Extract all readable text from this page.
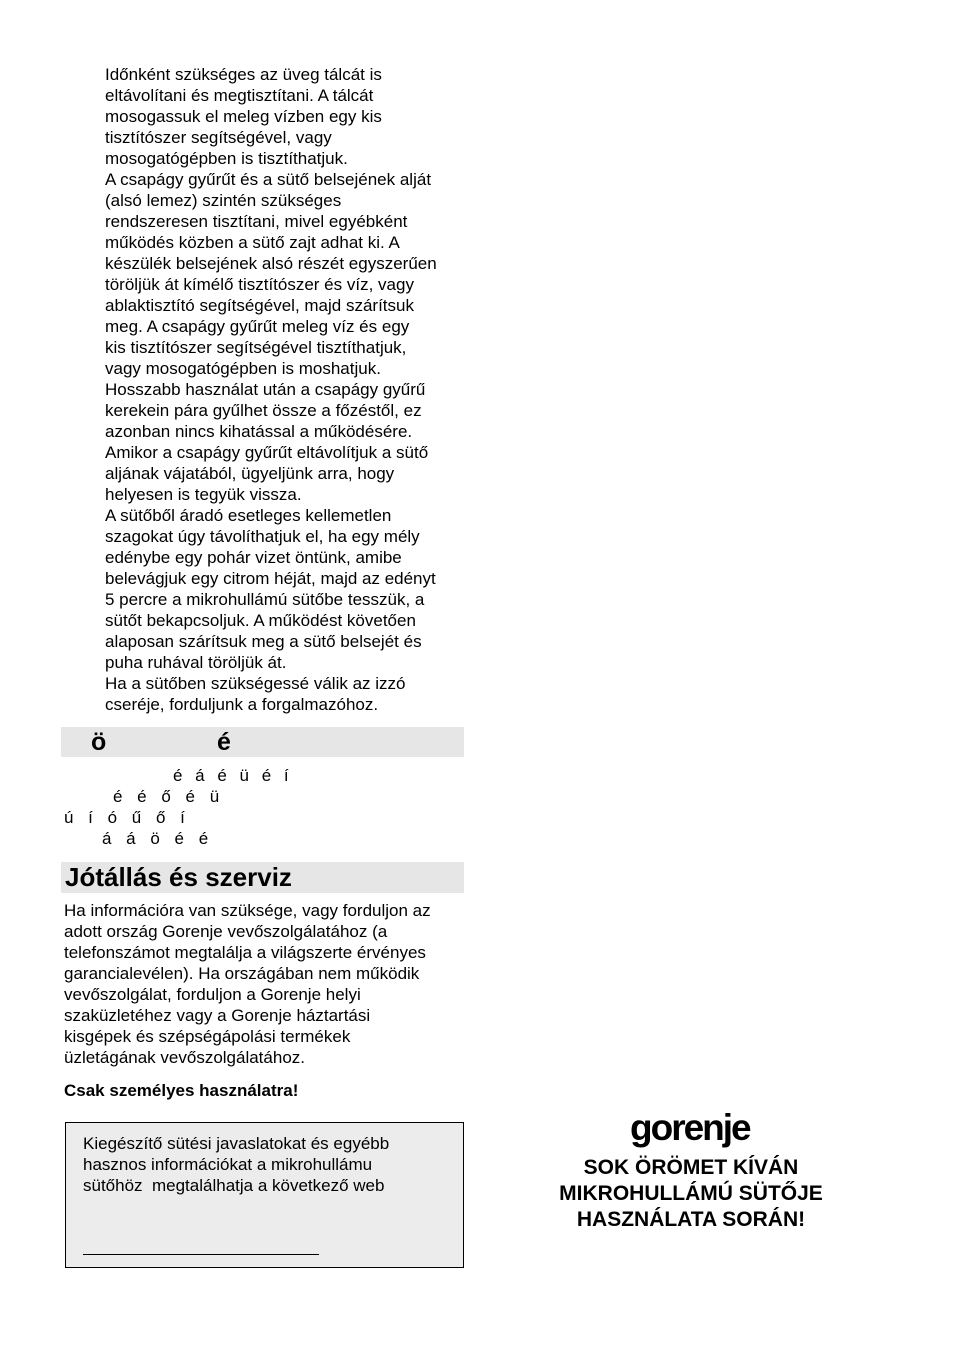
Időnként szükséges az üveg tálcát is
eltávolítani és megtisztítani. A tálcát
mosogassuk el meleg vízben egy kis
tisztítószer segítségével, vagy
mosogatógépben is tisztíthatjuk.
A csapágy gyűrűt és a sütő belsejének alját
(alsó lemez) szintén szükséges
rendszeresen tisztítani, mivel egyébként
működés közben a sütő zajt adhat ki. A
készülék belsejének alsó részét egyszerűen
töröljük át kímélő tisztítószer és víz, vagy
ablaktisztító segítségével, majd szárítsuk
meg. A csapágy gyűrűt meleg víz és egy
kis tisztítószer segítségével tisztíthatjuk,
vagy mosogatógépben is moshatjuk.
Hosszabb használat után a csapágy gyűrű
kerekein pára gyűlhet össze a főzéstől, ez
azonban nincs kihatással a működésére.
Amikor a csapágy gyűrűt eltávolítjuk a sütő
aljának vájatából, ügyeljünk arra, hogy
helyesen is tegyük vissza.
A sütőből áradó esetleges kellemetlen
szagokat úgy távolíthatjuk el, ha egy mély
edénybe egy pohár vizet öntünk, amibe
belevágjuk egy citrom héját, majd az edényt
5 percre a mikrohullámú sütőbe tesszük, a
sütőt bekapcsoljuk. A működést követően
alaposan szárítsuk meg a sütő belsejét és
puha ruhával töröljük át.
Ha a sütőben szükségessé válik az izzó
cseréje, forduljunk a forgalmazóhoz.
ö	é
é á é ü é í
é é ő é ü
ú í ó ű ő í
á á ö é é
Jótállás és szerviz
Ha információra van szüksége, vagy forduljon az
adott ország Gorenje vevőszolgálatához (a
telefonszámot megtalálja a világszerte érvényes
garancialevélen). Ha országában nem működik
vevőszolgálat, forduljon a Gorenje helyi
szaküzletéhez vagy a Gorenje háztartási
kisgépek és szépségápolási termékek
üzletágának vevőszolgálatához.
Csak személyes használatra!
Kiegészítő sütési javaslatokat és egyébb
hasznos információkat a mikrohullámu
sütőhöz  megtalálhatja a következő web
gorenje
SOK ÖRÖMET KÍVÁN
MIKROHULLÁMÚ SÜTŐJE
HASZNÁLATA SORÁN!
